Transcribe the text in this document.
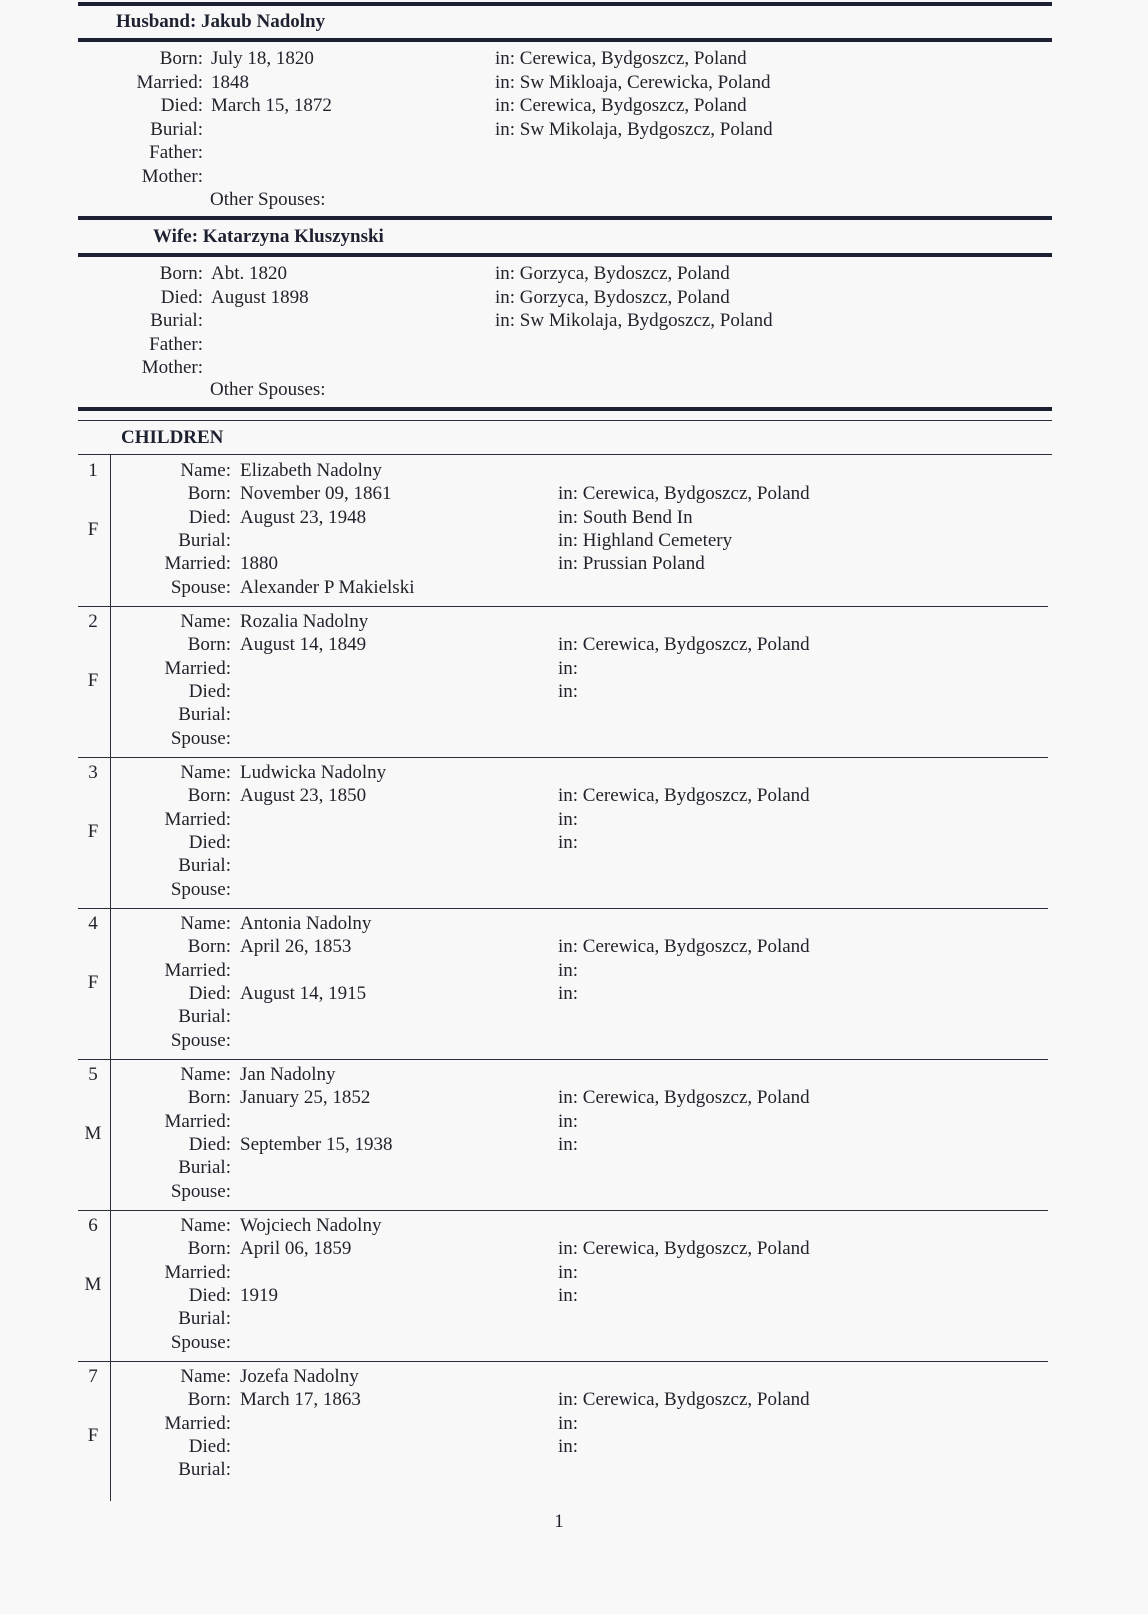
Husband: Jakub Nadolny
Born: July 18, 1820	in: Cerewica, Bydgoszcz, Poland
Married: 1848	in: Sw Mikloaja, Cerewicka, Poland
Died: March 15, 1872	in: Cerewica, Bydgoszcz, Poland
Burial:	in: Sw Mikolaja, Bydgoszcz, Poland
Father:
Mother:
Other Spouses:
Wife: Katarzyna Kluszynski
Born: Abt. 1820	in: Gorzyca, Bydoszcz, Poland
Died: August 1898	in: Gorzyca, Bydoszcz, Poland
Burial:	in: Sw Mikolaja, Bydgoszcz, Poland
Father:
Mother:
Other Spouses:
CHILDREN
1
F
Name: Elizabeth Nadolny
Born: November 09, 1861	in: Cerewica, Bydgoszcz, Poland
Died: August 23, 1948	in: South Bend In
Burial:	in: Highland Cemetery
Married: 1880	in: Prussian Poland
Spouse: Alexander P Makielski
2
F
Name: Rozalia Nadolny
Born: August 14, 1849	in: Cerewica, Bydgoszcz, Poland
Married:	in:
Died:	in:
Burial:
Spouse:
3
F
Name: Ludwicka Nadolny
Born: August 23, 1850	in: Cerewica, Bydgoszcz, Poland
Married:	in:
Died:	in:
Burial:
Spouse:
4
F
Name: Antonia Nadolny
Born: April 26, 1853	in: Cerewica, Bydgoszcz, Poland
Married:	in:
Died: August 14, 1915	in:
Burial:
Spouse:
5
M
Name: Jan Nadolny
Born: January 25, 1852	in: Cerewica, Bydgoszcz, Poland
Married:	in:
Died: September 15, 1938	in:
Burial:
Spouse:
6
M
Name: Wojciech Nadolny
Born: April 06, 1859	in: Cerewica, Bydgoszcz, Poland
Married:	in:
Died: 1919	in:
Burial:
Spouse:
7
F
Name: Jozefa Nadolny
Born: March 17, 1863	in: Cerewica, Bydgoszcz, Poland
Married:	in:
Died:	in:
Burial:
1
